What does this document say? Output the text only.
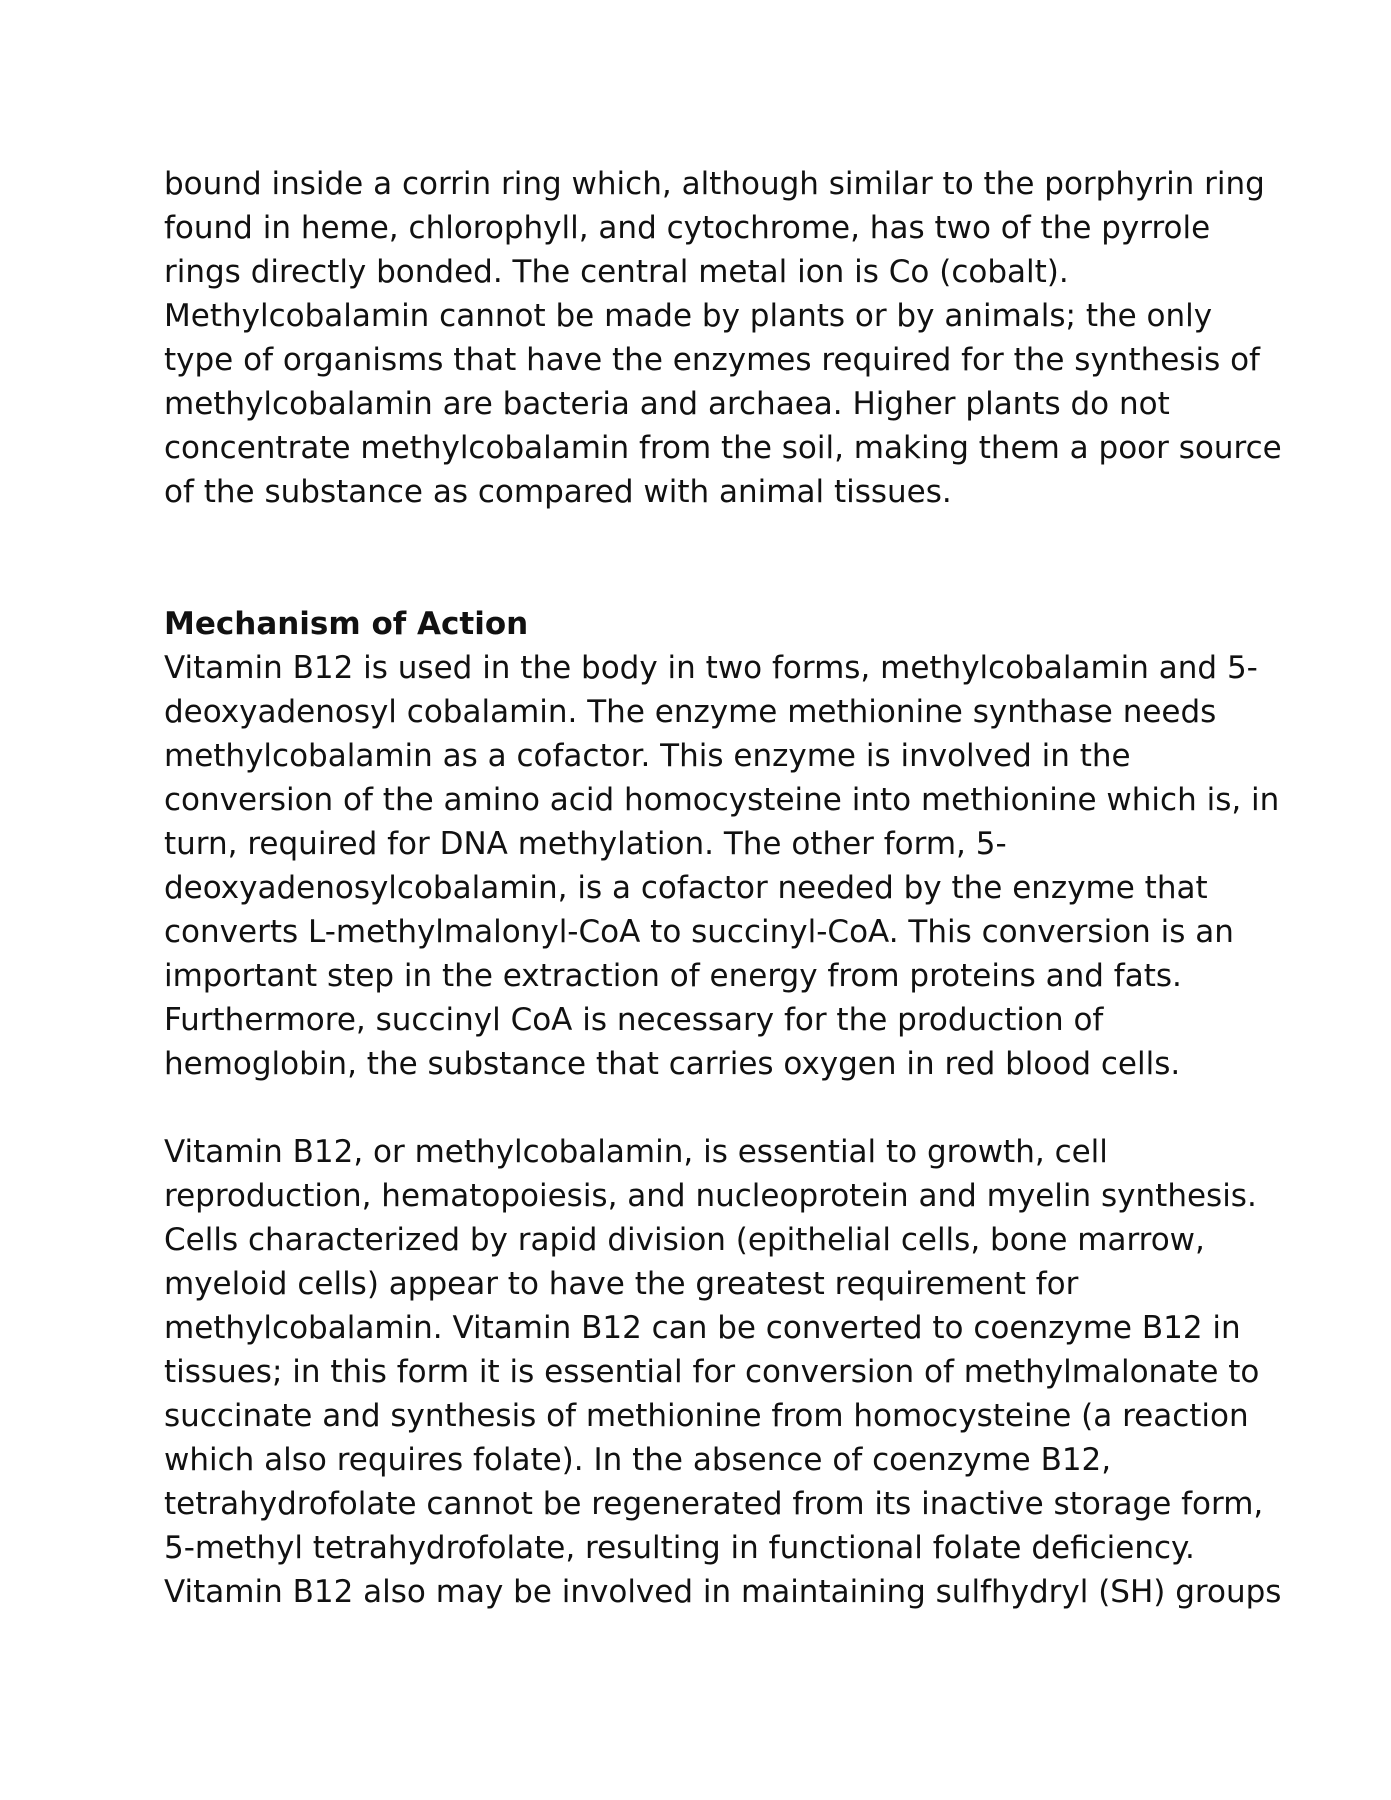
bound inside a corrin ring which, although similar to the porphyrin ring
found in heme, chlorophyll, and cytochrome, has two of the pyrrole
rings directly bonded. The central metal ion is Co (cobalt).
Methylcobalamin cannot be made by plants or by animals; the only
type of organisms that have the enzymes required for the synthesis of
methylcobalamin are bacteria and archaea. Higher plants do not
concentrate methylcobalamin from the soil, making them a poor source
of the substance as compared with animal tissues.
Mechanism of Action
Vitamin B12 is used in the body in two forms, methylcobalamin and 5-
deoxyadenosyl cobalamin. The enzyme methionine synthase needs
methylcobalamin as a cofactor. This enzyme is involved in the
conversion of the amino acid homocysteine into methionine which is, in
turn, required for DNA methylation. The other form, 5-
deoxyadenosylcobalamin, is a cofactor needed by the enzyme that
converts L-methylmalonyl-CoA to succinyl-CoA. This conversion is an
important step in the extraction of energy from proteins and fats.
Furthermore, succinyl CoA is necessary for the production of
hemoglobin, the substance that carries oxygen in red blood cells.
Vitamin B12, or methylcobalamin, is essential to growth, cell
reproduction, hematopoiesis, and nucleoprotein and myelin synthesis.
Cells characterized by rapid division (epithelial cells, bone marrow,
myeloid cells) appear to have the greatest requirement for
methylcobalamin. Vitamin B12 can be converted to coenzyme B12 in
tissues; in this form it is essential for conversion of methylmalonate to
succinate and synthesis of methionine from homocysteine (a reaction
which also requires folate). In the absence of coenzyme B12,
tetrahydrofolate cannot be regenerated from its inactive storage form,
5-methyl tetrahydrofolate, resulting in functional folate deficiency.
Vitamin B12 also may be involved in maintaining sulfhydryl (SH) groups
